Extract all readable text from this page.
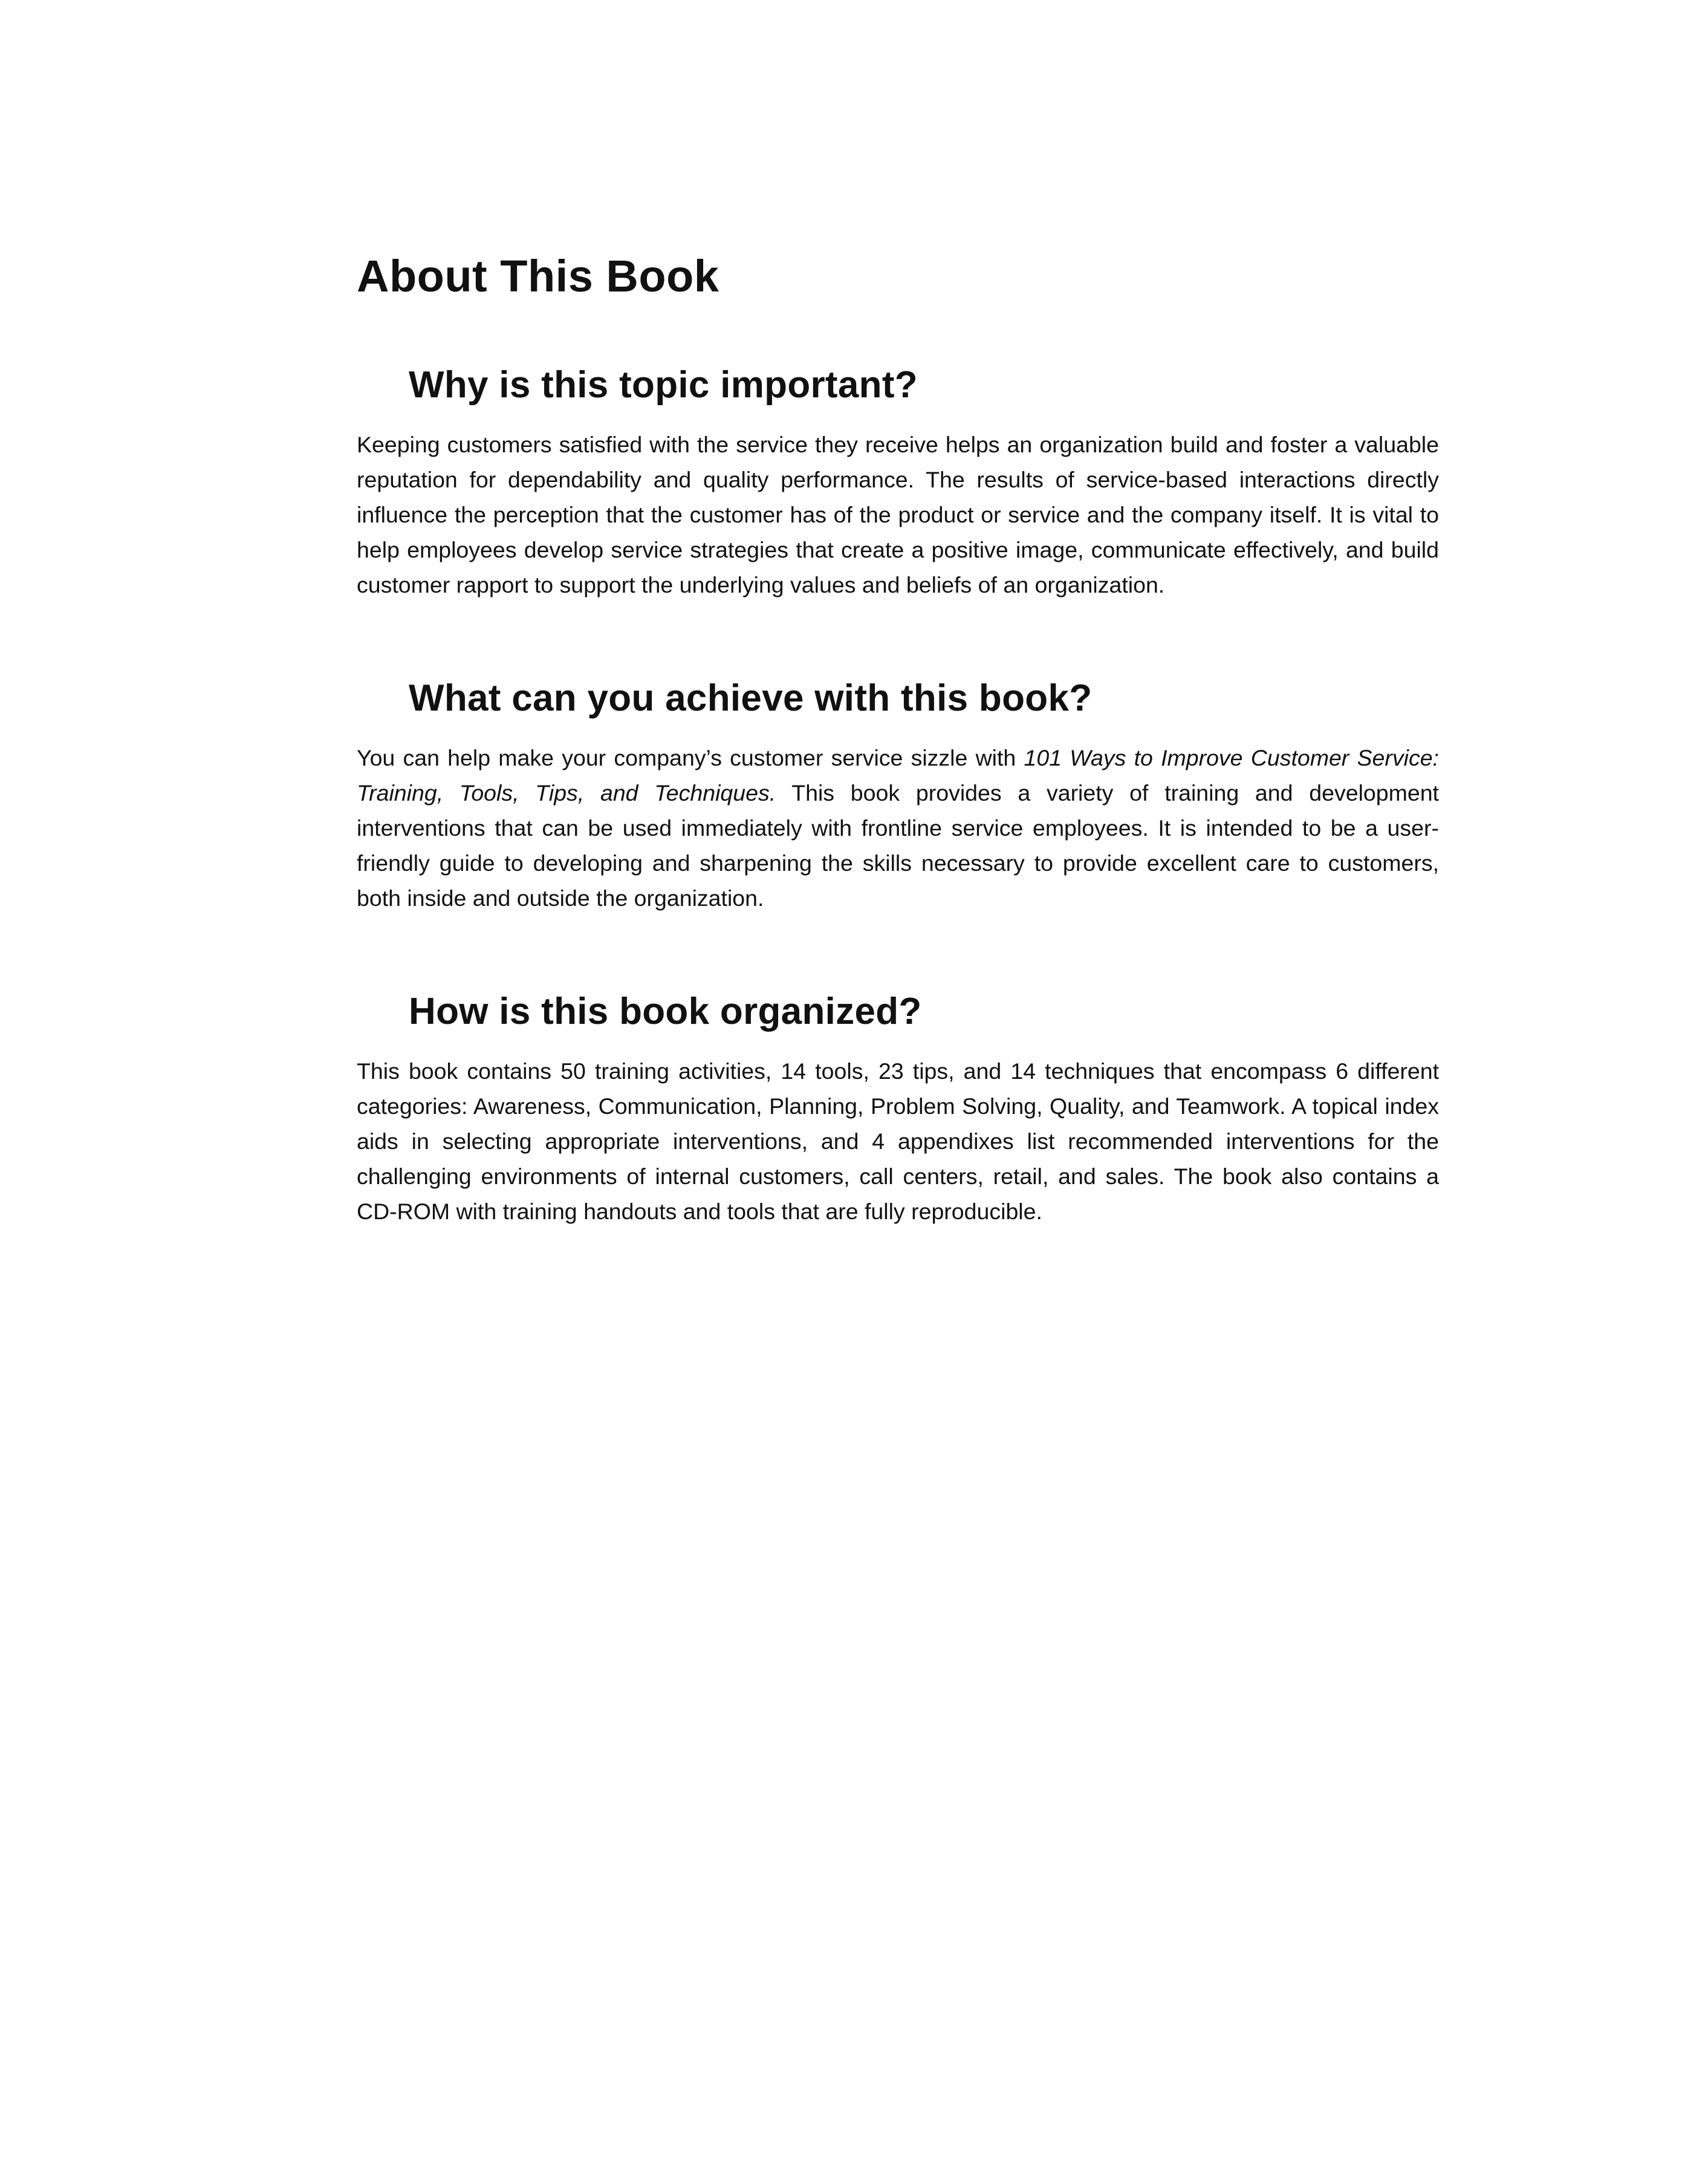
About This Book
Why is this topic important?

Keeping customers satisfied with the service they receive helps an organization build and foster a valuable reputation for dependability and quality performance. The results of service-based interactions directly influence the perception that the customer has of the product or service and the company itself. It is vital to help employees develop service strategies that create a positive image, communicate effectively, and build customer rapport to support the underlying values and beliefs of an organization.

What can you achieve with this book?

You can help make your company’s customer service sizzle with 101 Ways to Improve Customer Service: Training, Tools, Tips, and Techniques. This book provides a variety of training and development interventions that can be used immediately with frontline service employees. It is intended to be a user-friendly guide to developing and sharpening the skills necessary to provide excellent care to customers, both inside and outside the organization.

How is this book organized?

This book contains 50 training activities, 14 tools, 23 tips, and 14 techniques that encompass 6 different categories: Awareness, Communication, Planning, Problem Solving, Quality, and Teamwork. A topical index aids in selecting appropriate interventions, and 4 appendixes list recommended interventions for the challenging environments of internal customers, call centers, retail, and sales. The book also contains a CD-ROM with training handouts and tools that are fully reproducible.
